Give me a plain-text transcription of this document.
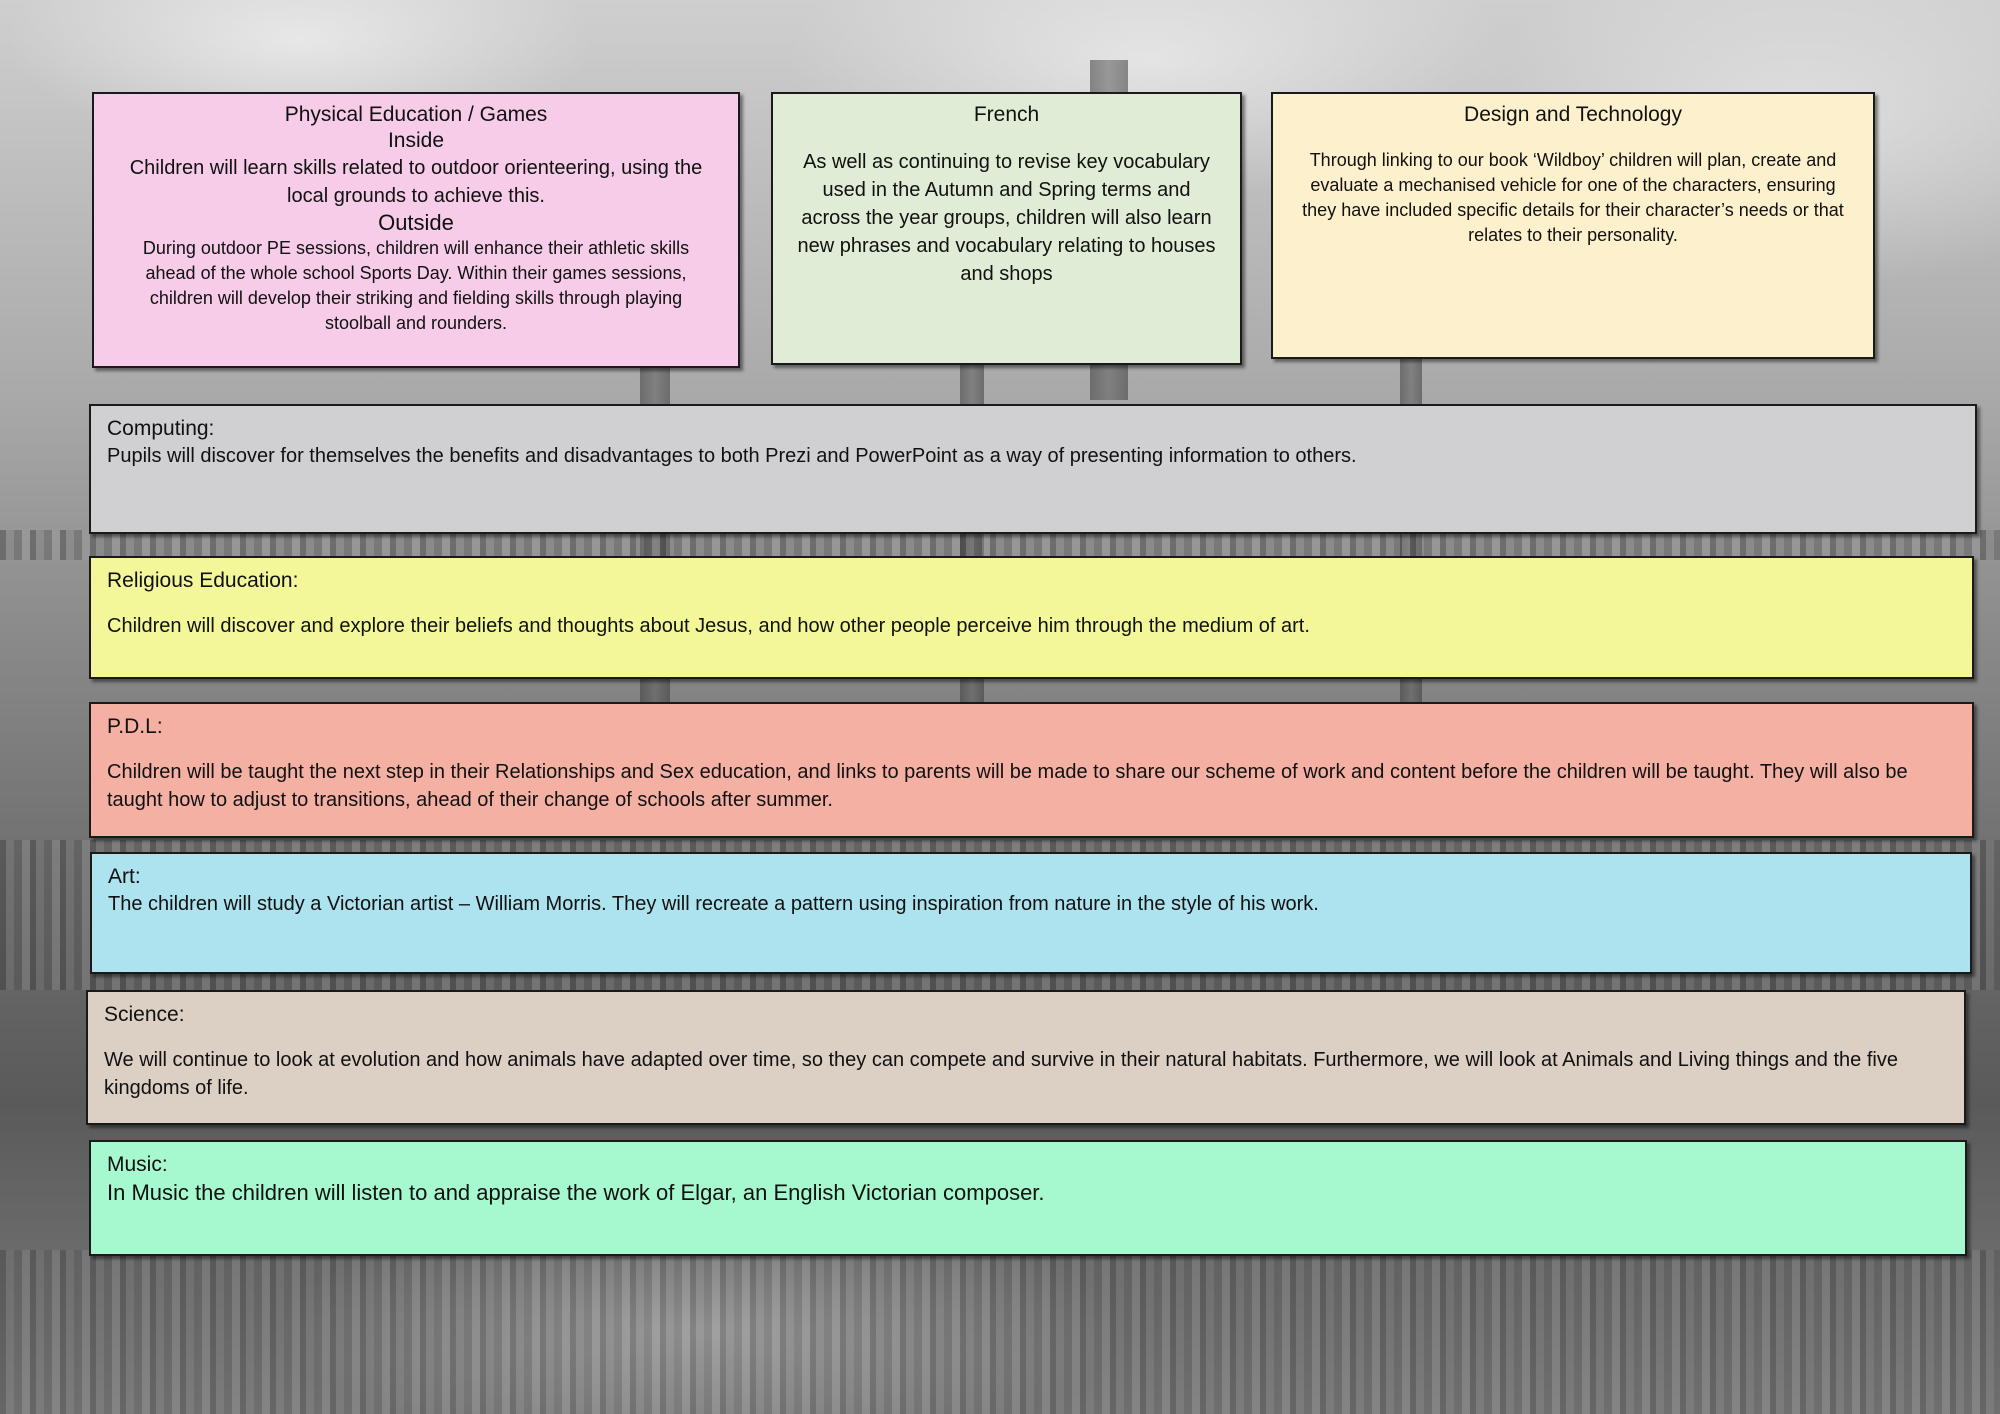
Physical Education / Games
Inside
Children will learn skills related to outdoor orienteering, using the local grounds to achieve this.
Outside
During outdoor PE sessions, children will enhance their athletic skills ahead of the whole school Sports Day. Within their games sessions, children will develop their striking and fielding skills through playing stoolball and rounders.
French
As well as continuing to revise key vocabulary used in the Autumn and Spring terms and across the year groups, children will also learn new phrases and vocabulary relating to houses and shops
Design and Technology
Through linking to our book ‘Wildboy’ children will plan, create and evaluate a mechanised vehicle for one of the characters, ensuring they have included specific details for their character’s needs or that relates to their personality.
Computing:
Pupils will discover for themselves the benefits and disadvantages to both Prezi and PowerPoint as a way of presenting information to others.
Religious Education:
Children will discover and explore their beliefs and thoughts about Jesus, and how other people perceive him through the medium of art.
P.D.L:
Children will be taught the next step in their Relationships and Sex education, and links to parents will be made to share our scheme of work and content before the children will be taught. They will also be taught how to adjust to transitions, ahead of their change of schools after summer.
Art:
The children will study a Victorian artist – William Morris. They will recreate a pattern using inspiration from nature in the style of his work.
Science:
We will continue to look at evolution and how animals have adapted over time, so they can compete and survive in their natural habitats. Furthermore, we will look at Animals and Living things and the five kingdoms of life.
Music:
In Music the children will listen to and appraise the work of Elgar, an English Victorian composer.
